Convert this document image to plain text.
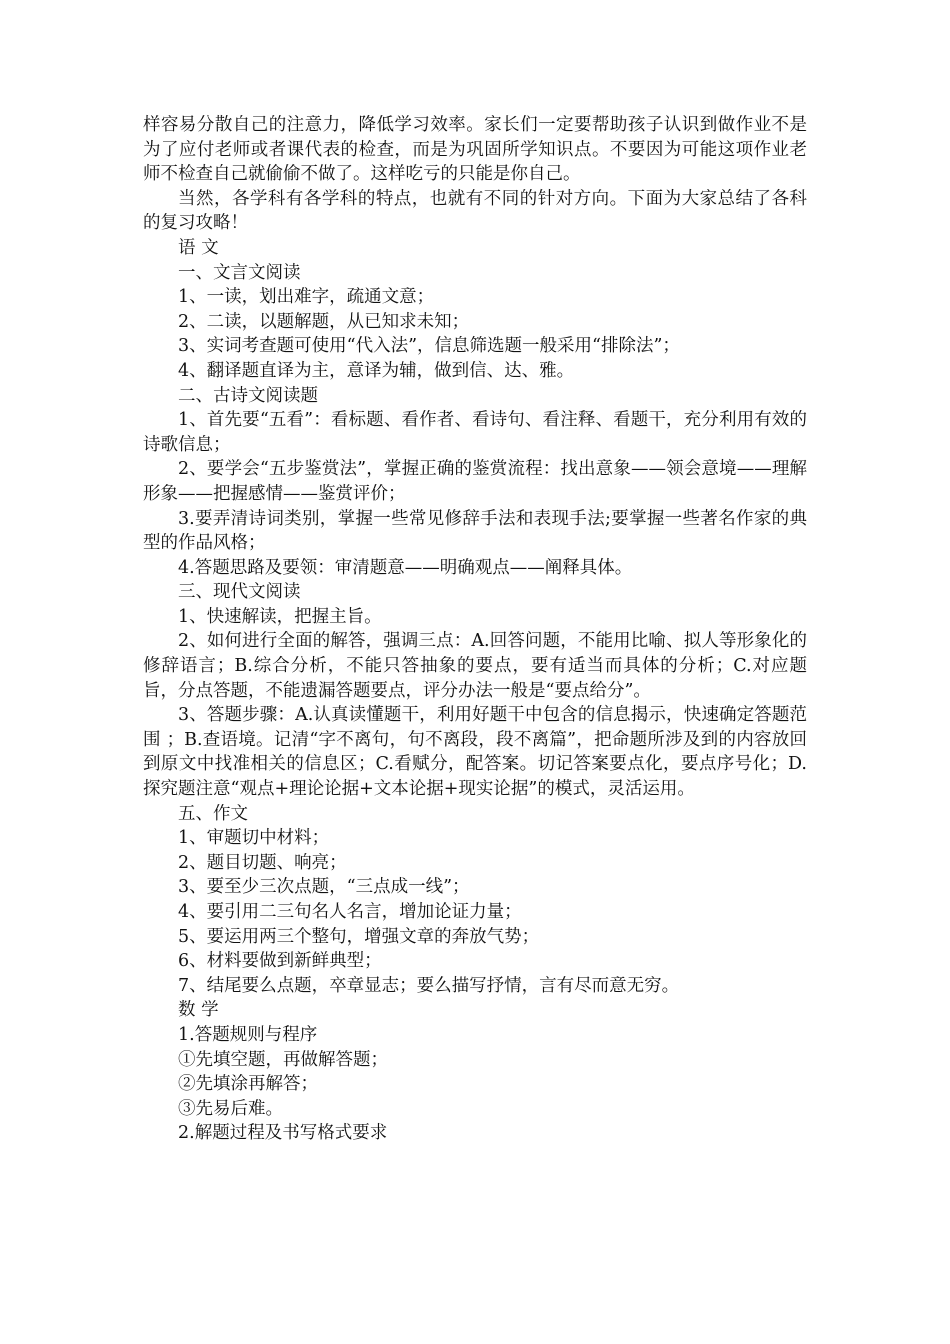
样容易分散自己的注意力，降低学习效率。家长们一定要帮助孩子认识到做作业不是为了应付老师或者课代表的检查，而是为巩固所学知识点。不要因为可能这项作业老师不检查自己就偷偷不做了。这样吃亏的只能是你自己。

当然，各学科有各学科的特点，也就有不同的针对方向。下面为大家总结了各科的复习攻略！

语 文

一、文言文阅读

1、一读，划出难字，疏通文意；

2、二读，以题解题，从已知求未知；

3、实词考查题可使用“代入法”，信息筛选题一般采用“排除法”；

4、翻译题直译为主，意译为辅，做到信、达、雅。

二、古诗文阅读题

1、首先要“五看”：看标题、看作者、看诗句、看注释、看题干，充分利用有效的诗歌信息；

2、要学会“五步鉴赏法”，掌握正确的鉴赏流程：找出意象——领会意境——理解形象——把握感情——鉴赏评价；

3.要弄清诗词类别，掌握一些常见修辞手法和表现手法;要掌握一些著名作家的典型的作品风格；

4.答题思路及要领：审清题意——明确观点——阐释具体。

三、现代文阅读

1、快速解读，把握主旨。

2、如何进行全面的解答，强调三点：A.回答问题，不能用比喻、拟人等形象化的修辞语言；B.综合分析，不能只答抽象的要点，要有适当而具体的分析；C.对应题旨，分点答题，不能遗漏答题要点，评分办法一般是“要点给分”。

3、答题步骤：A.认真读懂题干，利用好题干中包含的信息揭示，快速确定答题范围 ；B.查语境。记清“字不离句，句不离段，段不离篇”，把命题所涉及到的内容放回到原文中找准相关的信息区；C.看赋分，配答案。切记答案要点化，要点序号化；D.探究题注意“观点+理论论据+文本论据+现实论据”的模式，灵活运用。

五、作文

1、审题切中材料；

2、题目切题、响亮；

3、要至少三次点题，“三点成一线”；

4、要引用二三句名人名言，增加论证力量；

5、要运用两三个整句，增强文章的奔放气势；

6、材料要做到新鲜典型；

7、结尾要么点题，卒章显志；要么描写抒情，言有尽而意无穷。

数 学

1.答题规则与程序

①先填空题，再做解答题；

②先填涂再解答；

③先易后难。

2.解题过程及书写格式要求
